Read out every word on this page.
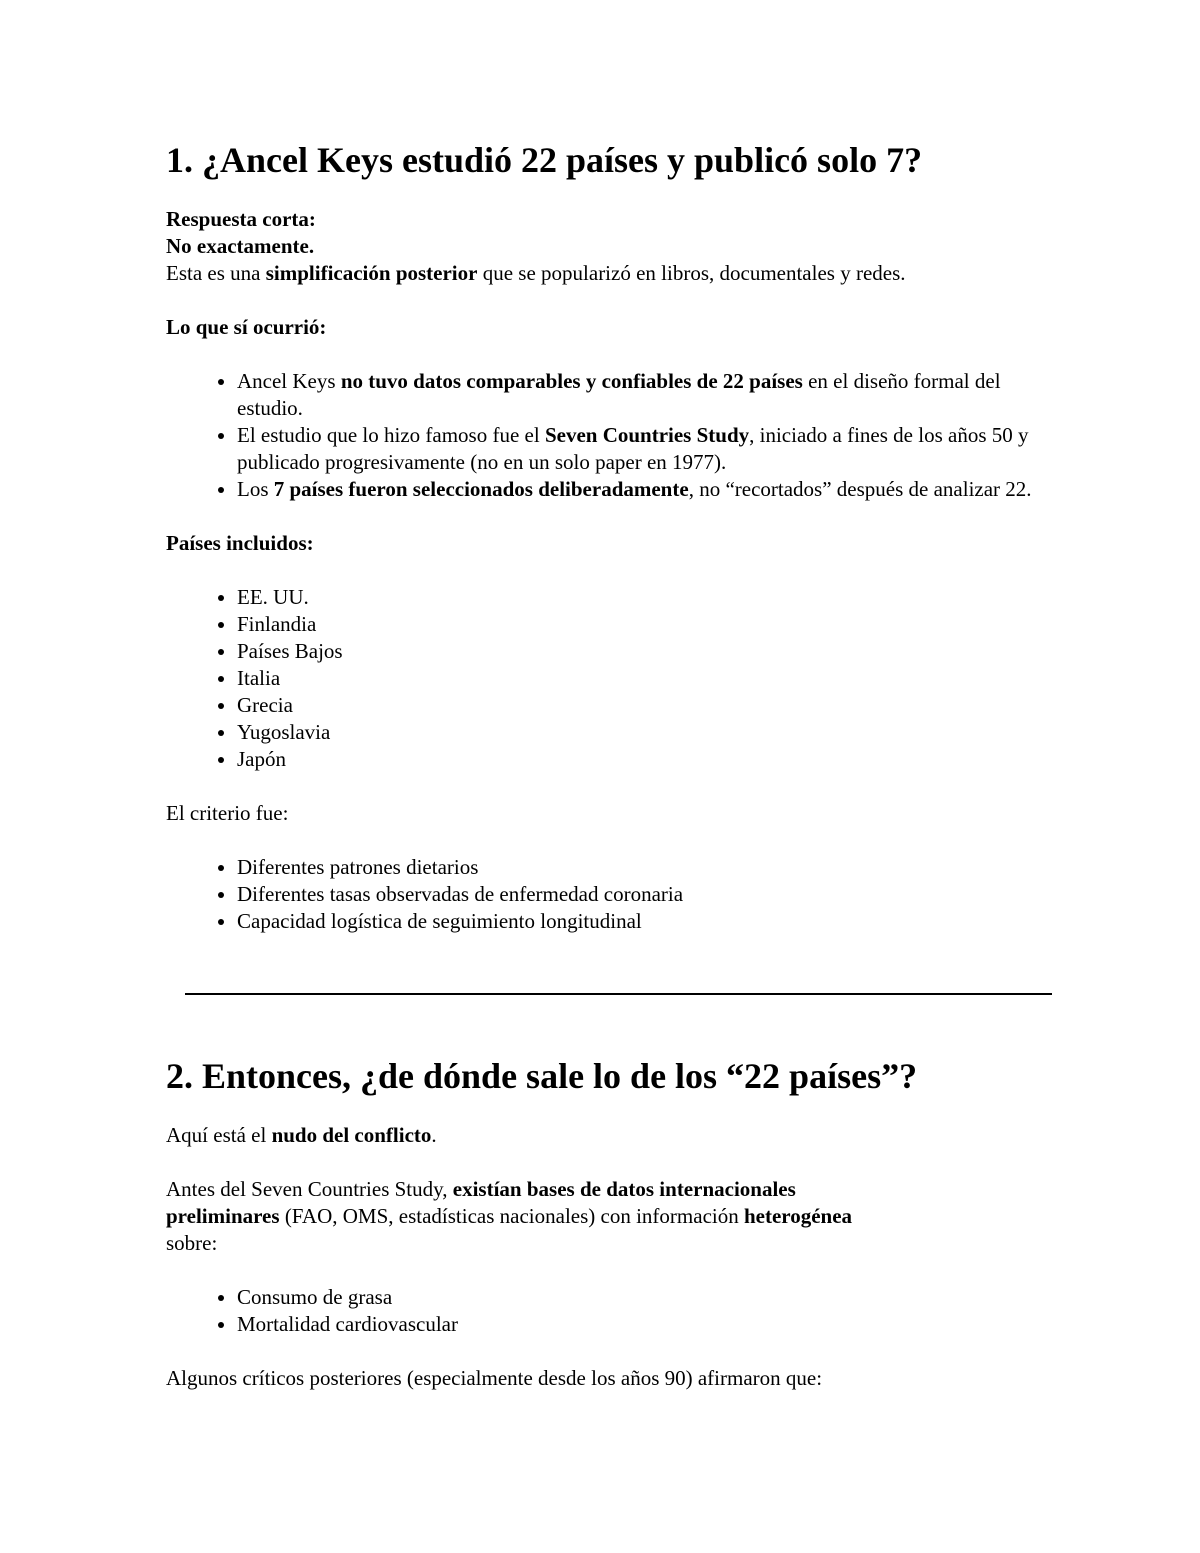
1. ¿Ancel Keys estudió 22 países y publicó solo 7?

Respuesta corta:

No exactamente.

Esta es una simplificación posterior que se popularizó en libros, documentales y redes.

Lo que sí ocurrió:

• Ancel Keys no tuvo datos comparables y confiables de 22 países en el diseño formal del estudio.
• El estudio que lo hizo famoso fue el Seven Countries Study, iniciado a fines de los años 50 y publicado progresivamente (no en un solo paper en 1977).
• Los 7 países fueron seleccionados deliberadamente, no “recortados” después de analizar 22.

Países incluidos:

• EE. UU.
• Finlandia
• Países Bajos
• Italia
• Grecia
• Yugoslavia
• Japón

El criterio fue:

• Diferentes patrones dietarios
• Diferentes tasas observadas de enfermedad coronaria
• Capacidad logística de seguimiento longitudinal
2. Entonces, ¿de dónde sale lo de los “22 países”?

Aquí está el nudo del conflicto.

Antes del Seven Countries Study, existían bases de datos internacionales preliminares (FAO, OMS, estadísticas nacionales) con información heterogénea sobre:

• Consumo de grasa
• Mortalidad cardiovascular

Algunos críticos posteriores (especialmente desde los años 90) afirmaron que:
